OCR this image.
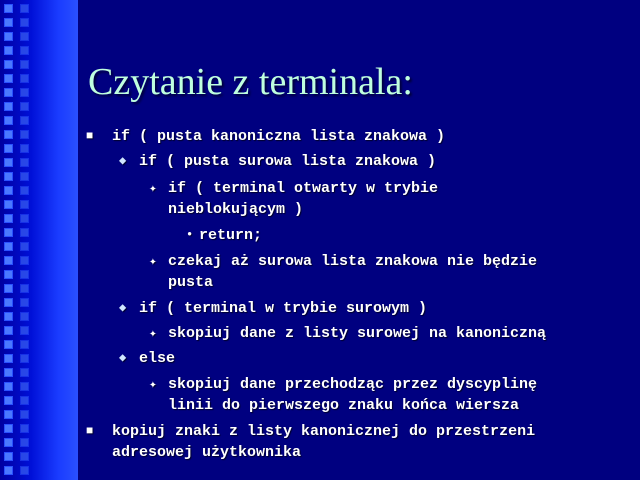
Czytanie z terminala:
■ if ( pusta kanoniczna lista znakowa )
◆ if ( pusta surowa lista znakowa )
✦ if ( terminal otwarty w trybie
nieblokującym )
• return;
✦ czekaj aż surowa lista znakowa nie będzie
pusta
◆ if ( terminal w trybie surowym )
✦ skopiuj dane z listy surowej na kanoniczną
◆ else
✦ skopiuj dane przechodząc przez dyscyplinę
linii do pierwszego znaku końca wiersza
■ kopiuj znaki z listy kanonicznej do przestrzeni
adresowej użytkownika
